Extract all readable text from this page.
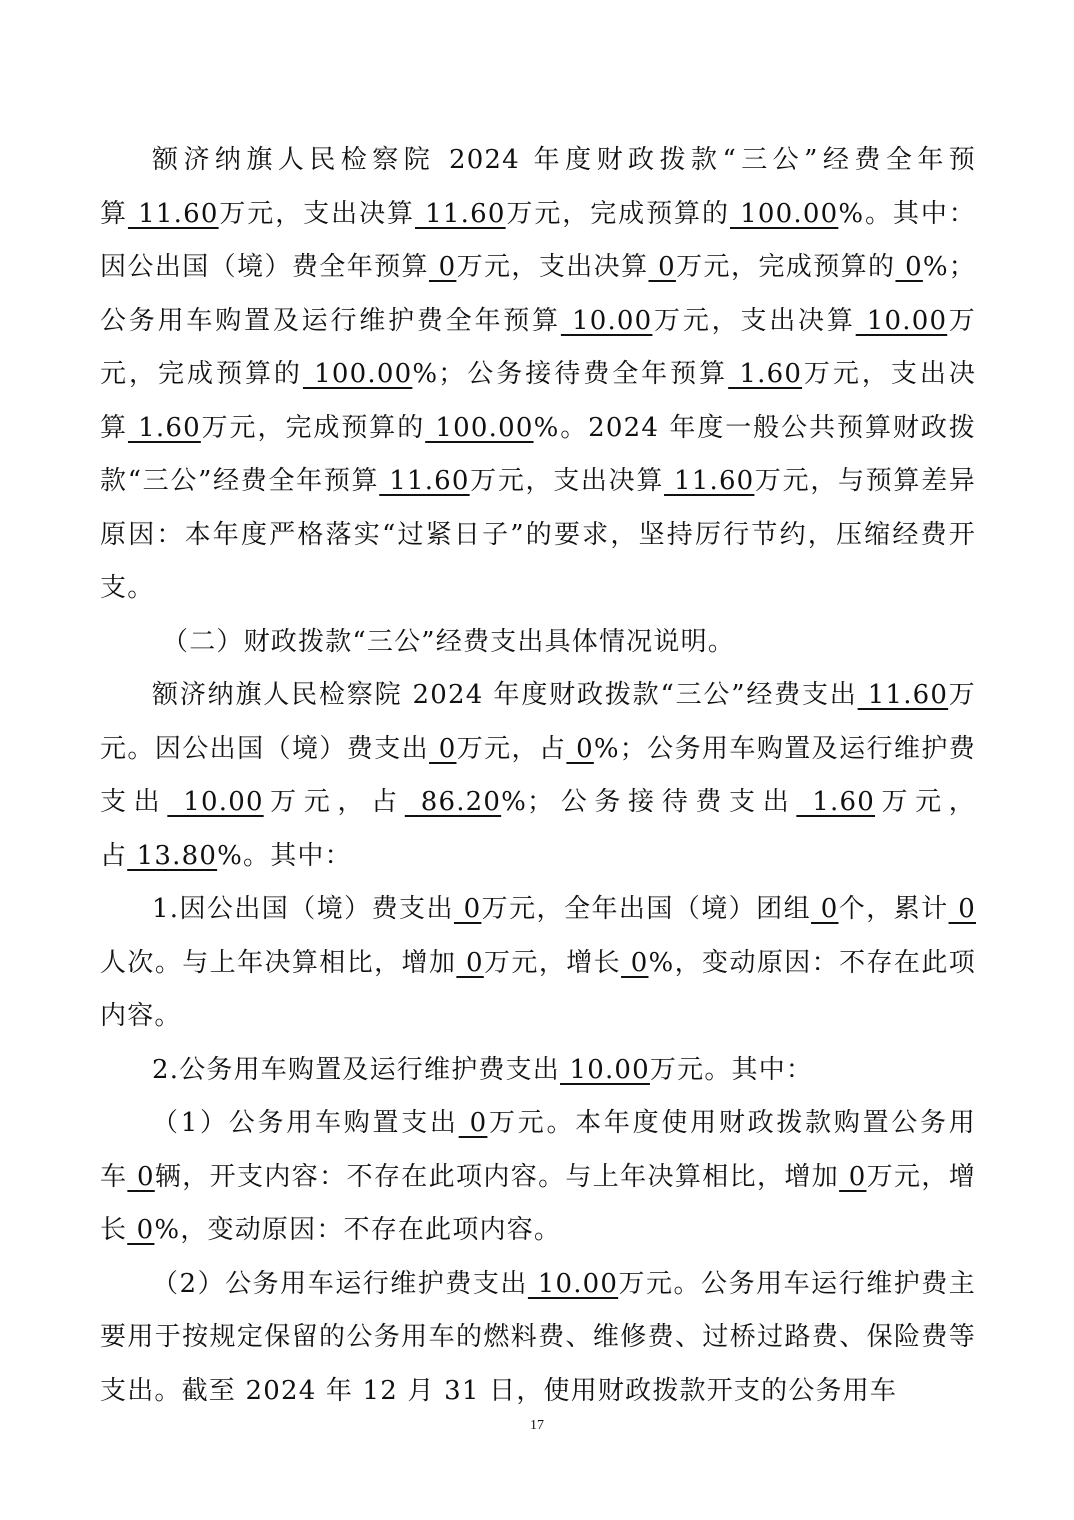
额济纳旗人民检察院 2024 年度财政拨款“三公”经费全年预算 11.60万元，支出决算 11.60万元，完成预算的 100.00%。其中：因公出国（境）费全年预算 0万元，支出决算 0万元，完成预算的 0%；公务用车购置及运行维护费全年预算 10.00万元，支出决算 10.00万元，完成预算的 100.00%；公务接待费全年预算 1.60万元，支出决算 1.60万元，完成预算的 100.00%。2024 年度一般公共预算财政拨款“三公”经费全年预算 11.60万元，支出决算 11.60万元，与预算差异原因：本年度严格落实“过紧日子”的要求，坚持厉行节约，压缩经费开支。

（二）财政拨款“三公”经费支出具体情况说明。

额济纳旗人民检察院 2024 年度财政拨款“三公”经费支出 11.60万元。因公出国（境）费支出 0万元，占 0%；公务用车购置及运行维护费支出 10.00万元，占 86.20%；公务接待费支出 1.60万元，占 13.80%。其中：

1.因公出国（境）费支出 0万元，全年出国（境）团组 0个，累计 0人次。与上年决算相比，增加 0万元，增长 0%，变动原因：不存在此项内容。

2.公务用车购置及运行维护费支出 10.00万元。其中：

（1）公务用车购置支出 0万元。本年度使用财政拨款购置公务用车 0辆，开支内容：不存在此项内容。与上年决算相比，增加 0万元，增长 0%，变动原因：不存在此项内容。

（2）公务用车运行维护费支出 10.00万元。公务用车运行维护费主要用于按规定保留的公务用车的燃料费、维修费、过桥过路费、保险费等支出。截至 2024 年 12 月 31 日，使用财政拨款开支的公务用车

17
